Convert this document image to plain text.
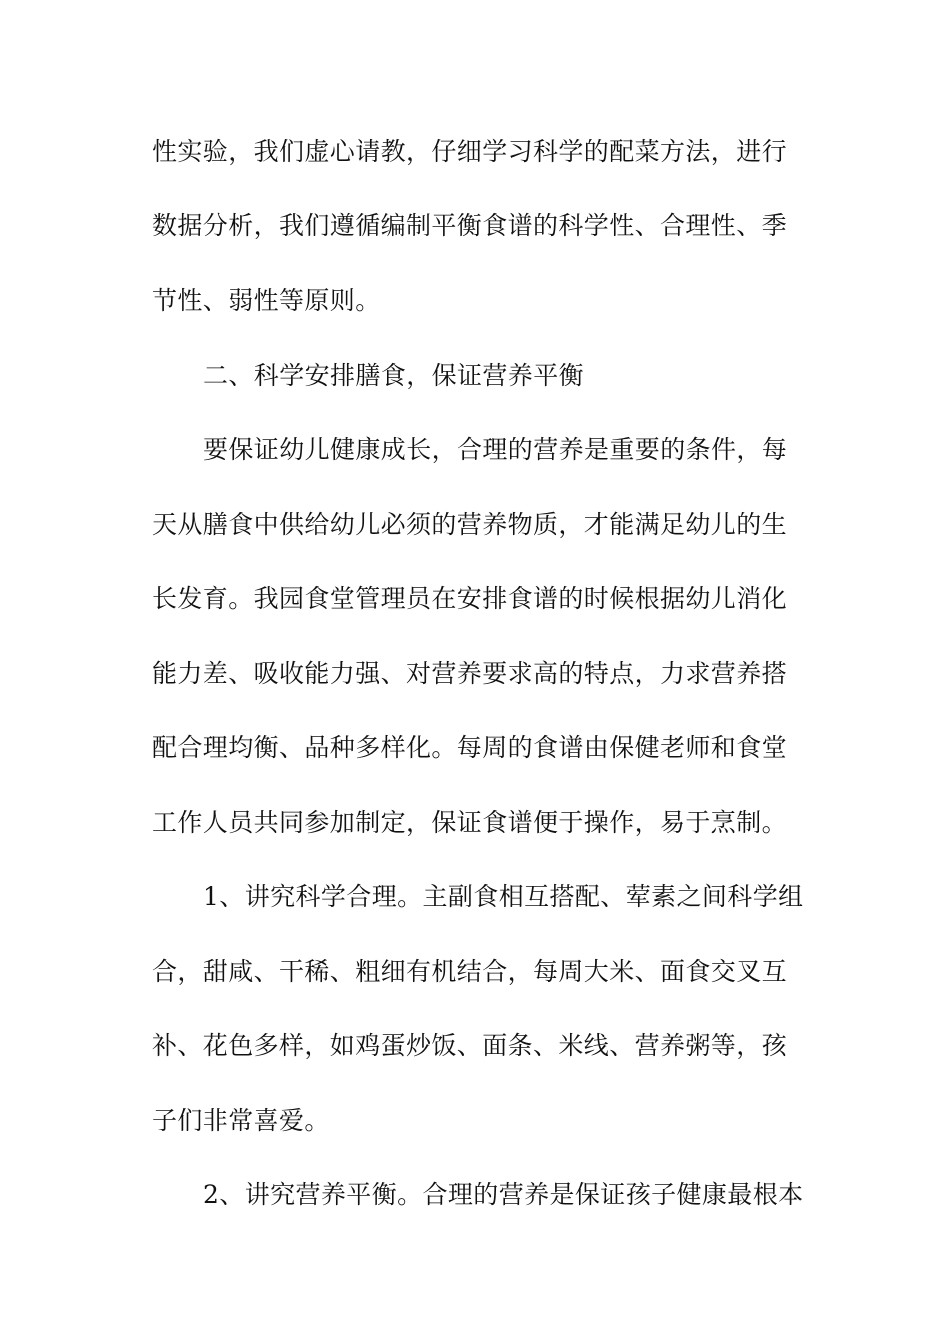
性实验，我们虚心请教，仔细学习科学的配菜方法，进行
数据分析，我们遵循编制平衡食谱的科学性、合理性、季
节性、弱性等原则。
二、科学安排膳食，保证营养平衡
要保证幼儿健康成长，合理的营养是重要的条件，每
天从膳食中供给幼儿必须的营养物质，才能满足幼儿的生
长发育。我园食堂管理员在安排食谱的时候根据幼儿消化
能力差、吸收能力强、对营养要求高的特点，力求营养搭
配合理均衡、品种多样化。每周的食谱由保健老师和食堂
工作人员共同参加制定，保证食谱便于操作，易于烹制。
1、讲究科学合理。主副食相互搭配、荤素之间科学组
合，甜咸、干稀、粗细有机结合，每周大米、面食交叉互
补、花色多样，如鸡蛋炒饭、面条、米线、营养粥等，孩
子们非常喜爱。
2、讲究营养平衡。合理的营养是保证孩子健康最根本
